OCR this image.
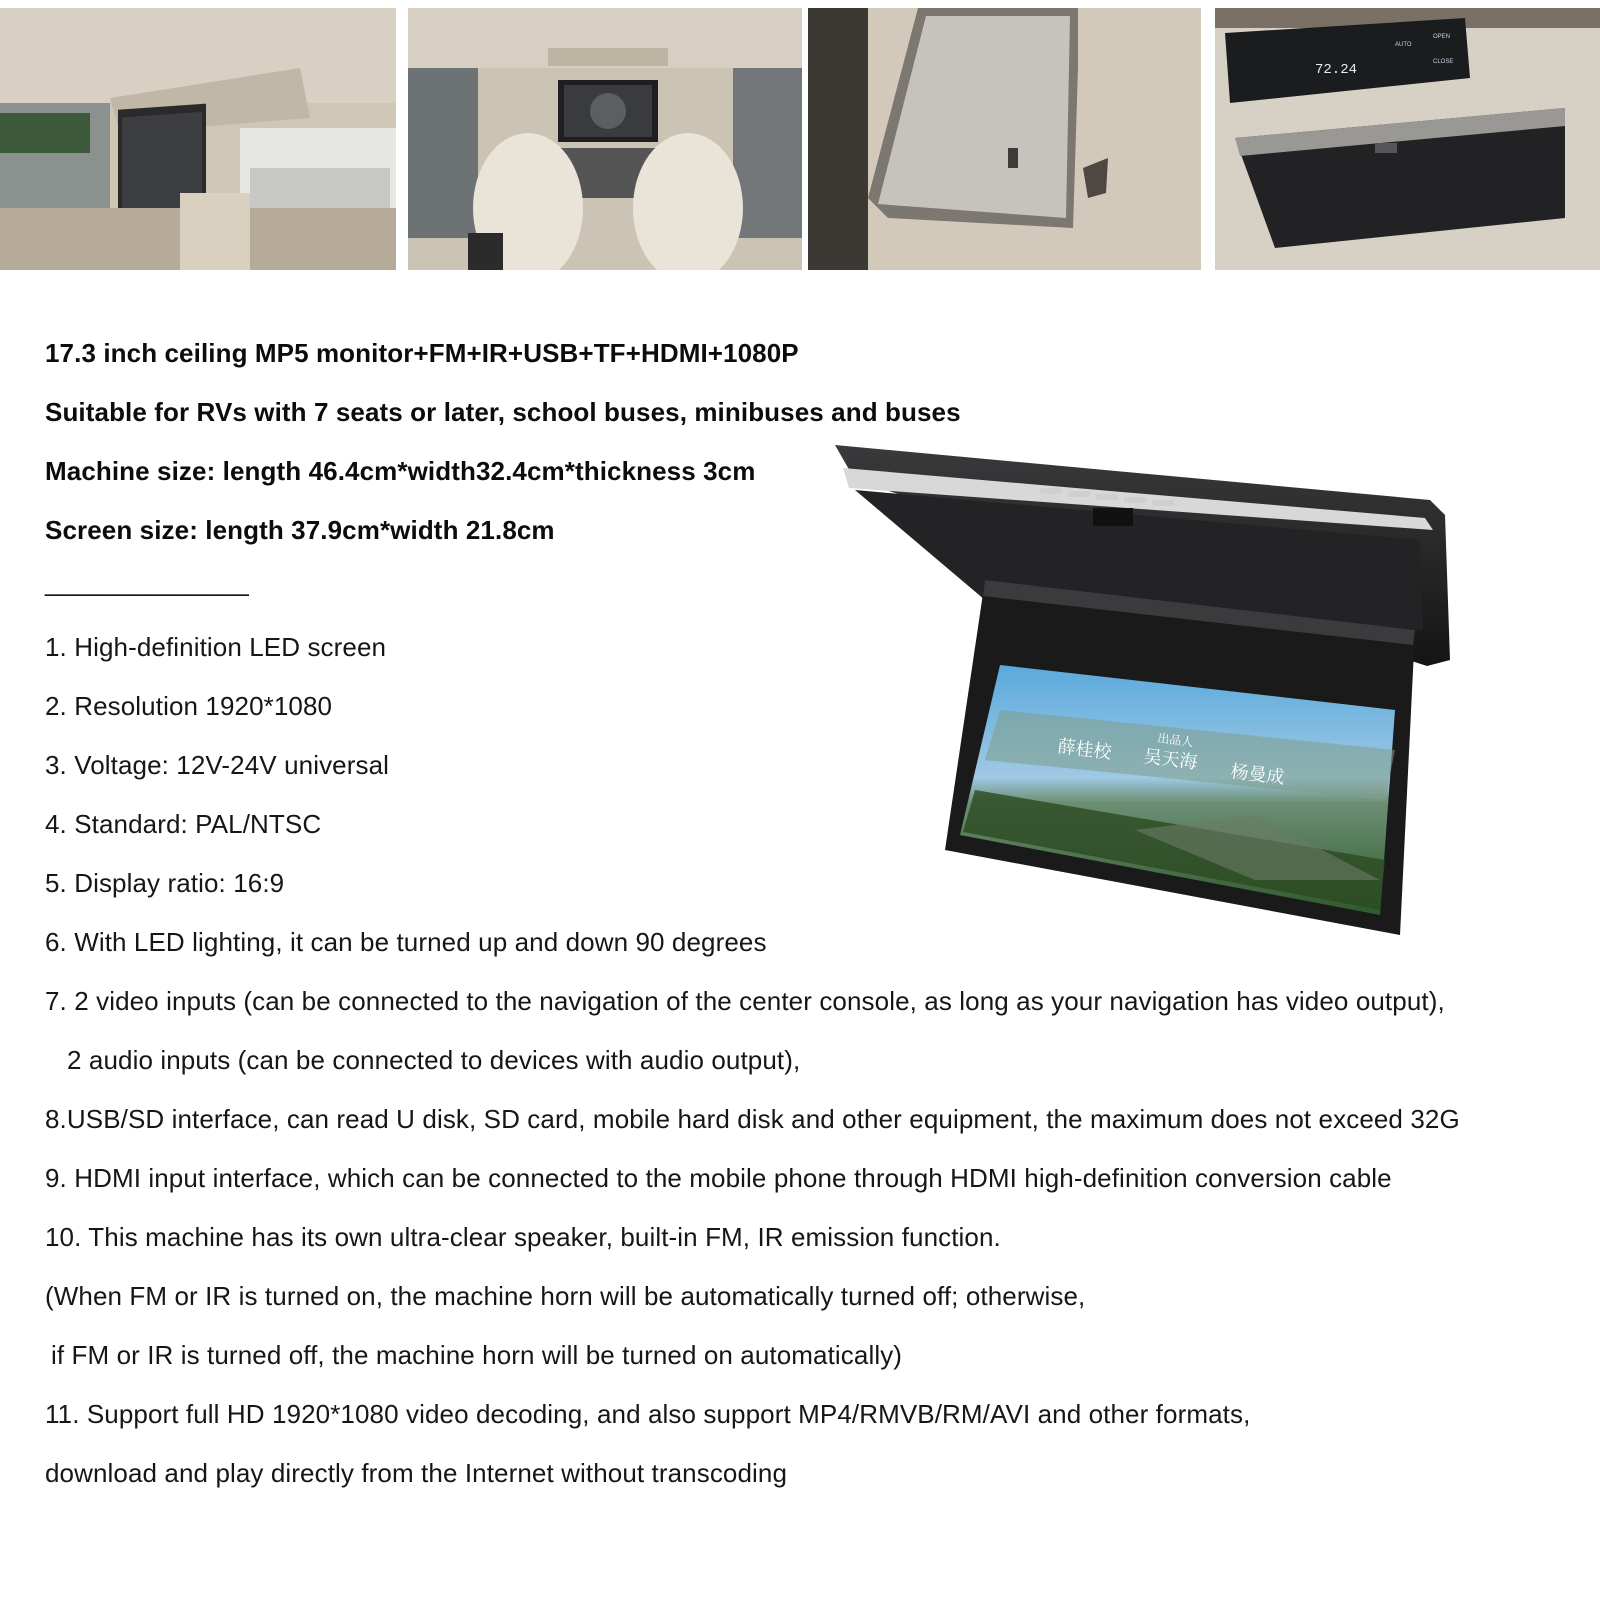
72.24
AUTO
OPEN
CLOSE
17.3 inch ceiling MP5 monitor+FM+IR+USB+TF+HDMI+1080P
Suitable for RVs with 7 seats or later, school buses, minibuses and buses
Machine size: length 46.4cm*width32.4cm*thickness 3cm
Screen size: length 37.9cm*width 21.8cm
______________
1. High-definition LED screen
2. Resolution 1920*1080
3. Voltage: 12V-24V universal
4. Standard: PAL/NTSC
5. Display ratio: 16:9
6. With LED lighting, it can be turned up and down 90 degrees
7. 2 video inputs (can be connected to the navigation of the center console, as long as your navigation has video output),
2 audio inputs (can be connected to devices with audio output),
8.USB/SD interface, can read U disk, SD card, mobile hard disk and other equipment, the maximum does not exceed 32G
9. HDMI input interface, which can be connected to the mobile phone through HDMI high-definition conversion cable
10. This machine has its own ultra-clear speaker, built-in FM, IR emission function.
(When FM or IR is turned on, the machine horn will be automatically turned off; otherwise,
if FM or IR is turned off, the machine horn will be turned on automatically)
11. Support full HD 1920*1080 video decoding, and also support MP4/RMVB/RM/AVI and other formats,
download and play directly from the Internet without transcoding
薛桂校	出品人
吴天海
杨曼成
